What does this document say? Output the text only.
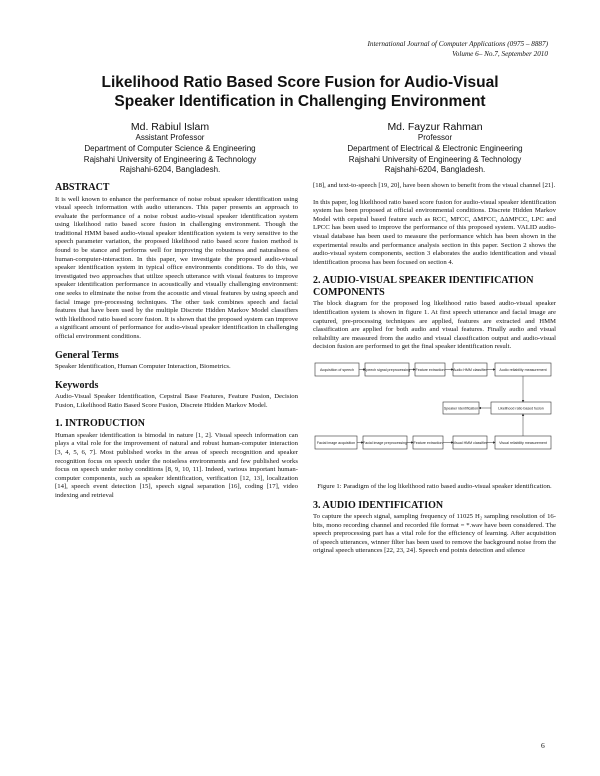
International Journal of Computer Applications (0975 – 8887)
Volume 6– No.7, September 2010
Likelihood Ratio Based Score Fusion for Audio-Visual
Speaker Identification in Challenging Environment
Md. Rabiul Islam
Assistant Professor
Department of Computer Science & Engineering
Rajshahi University of Engineering & Technology
Rajshahi-6204, Bangladesh.
Md. Fayzur Rahman
Professor
Department of Electrical & Electronic Engineering
Rajshahi University of Engineering & Technology
Rajshahi-6204, Bangladesh.
ABSTRACT

It is well known to enhance the performance of noise robust speaker identification using visual speech information with audio utterances. This paper presents an approach to evaluate the performance of a noise robust audio-visual speaker identification system using likelihood ratio based score fusion in challenging environment. Though the traditional HMM based audio-visual speaker identification system is very sensitive to the speech parameter variation, the proposed likelihood ratio based score fusion method is found to be stance and performs well for improving the robustness and naturalness of human-computer-interaction. In this paper, we investigate the proposed audio-visual speaker identification system in typical office environments conditions. To do this, we investigated two approaches that utilize speech utterance with visual features to improve speaker identification performance in acoustically and visually challenging environment: one seeks to eliminate the noise from the acoustic and visual features by using speech and facial image pre-processing techniques. The other task combines speech and facial features that have been used by the multiple Discrete Hidden Markov Model classifiers with likelihood ratio based score fusion. It is shown that the proposed system can improve a significant amount of performance for audio-visual speaker identification in challenging official environment conditions.

General Terms

Speaker Identification, Human Computer Interaction, Biometrics.

Keywords

Audio-Visual Speaker Identification, Cepstral Base Features, Feature Fusion, Decision Fusion, Likelihood Ratio Based Score Fusion, Discrete Hidden Markov Model.

1. INTRODUCTION

Human speaker identification is bimodal in nature [1, 2]. Visual speech information can plays a vital role for the improvement of natural and robust human-computer interaction [3, 4, 5, 6, 7]. Most published works in the areas of speech recognition and speaker recognition focus on speech under the noiseless environments and few published works focus on speech under noisy conditions [8, 9, 10, 11]. Indeed, various important human-computer components, such as speaker identification, verification [12, 13], localization [14], speech event detection [15], speech signal separation [16], coding [17], video indexing and retrieval

[18], and text-to-speech [19, 20], have been shown to benefit from the visual channel [21].

In this paper, log likelihood ratio based score fusion for audio-visual speaker identification system has been proposed at official environmental conditions. Discrete Hidden Markov Model with cepstral based feature such as RCC, MFCC, ΔMFCC, ΔΔMFCC, LPC and LPCC has been used to improve the performance of this proposed system. VALID audio-visual database has been used to measure the performance which has been shown in the experimental results and performance analysis section in this paper. Section 2 shows the audio-visual system components, section 3 elaborates the audio identification and visual identification process has been focused on section 4.

2. AUDIO-VISUAL SPEAKER IDENTIFICATION COMPONENTS

The block diagram for the proposed log likelihood ratio based audio-visual speaker identification system is shown in figure 1. At first speech utterance and facial image are captured, pre-processing techniques are applied, features are extracted and HMM classification are applied for both audio and visual features. Finally audio and visual reliability are measured from the audio and visual classification output and audio-visual decision fusion are performed to get the final speaker identification result.

Acquisition of speech	Speech signal preprocessing Feature extraction Audio HMM classifier	Audio reliability measurement
Speaker identification	Likelihood ratio based fusion
Facial image acquisition Facial image preprocessing Feature extraction	Visual HMM classifier	Visual reliability measurement
Figure 1: Paradigm of the log likelihood ratio based audio-visual speaker identification.
3. AUDIO IDENTIFICATION

To capture the speech signal, sampling frequency of 11025 H₂ sampling resolution of 16-bits, mono recording channel and recorded file format = *.wav have been considered. The speech preprocessing part has a vital role for the efficiency of learning. After acquisition of speech utterances, winner filter has been used to remove the background noise from the original speech utterances [22, 23, 24]. Speech end points detection and silence

6
